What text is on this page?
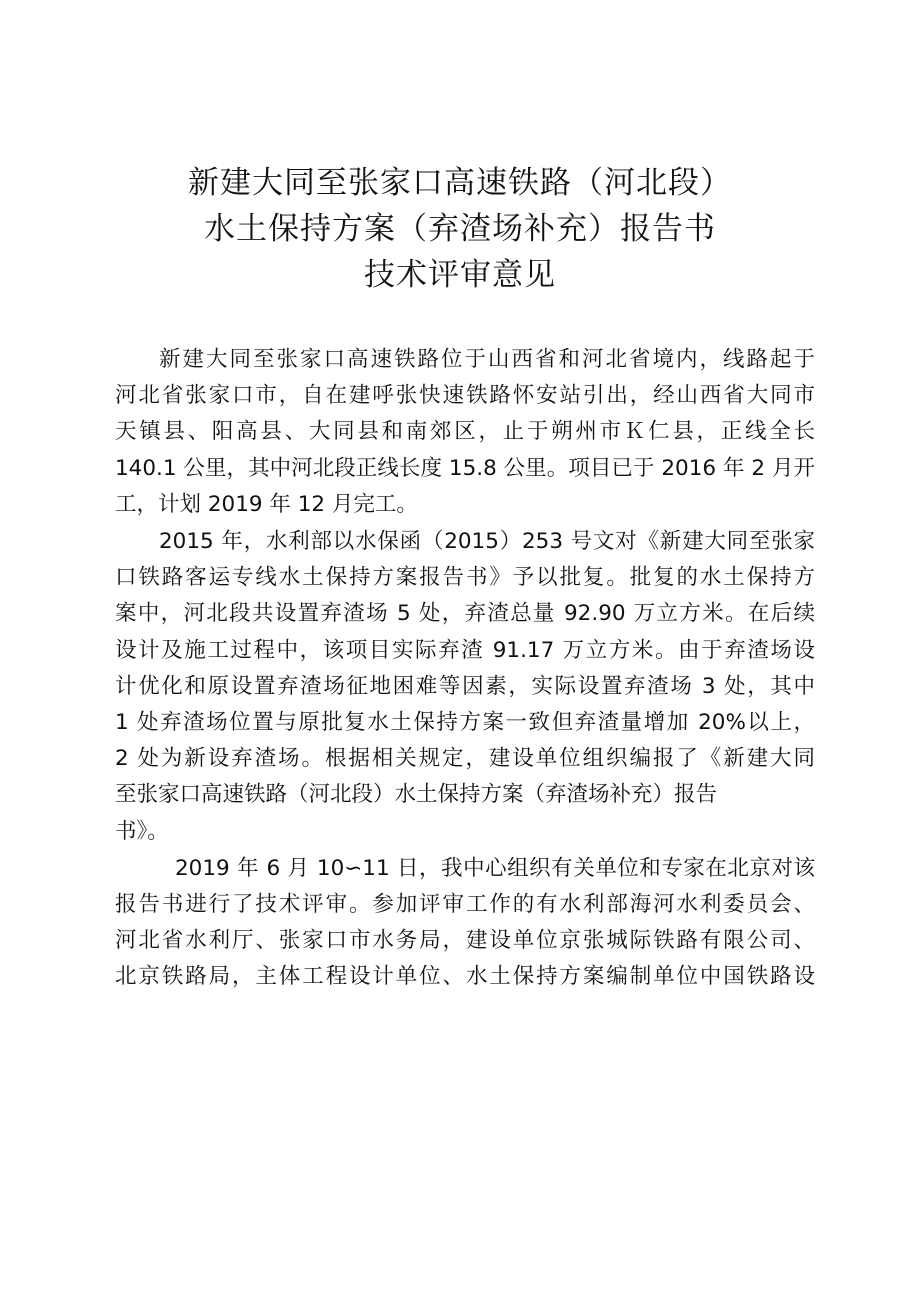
新建大同至张家口高速铁路（河北段）
水土保持方案（弃渣场补充）报告书
技术评审意见
新建大同至张家口高速铁路位于山西省和河北省境内，线路起于
河北省张家口市，自在建呼张快速铁路怀安站引出，经山西省大同市
天镇县、阳高县、大同县和南郊区，止于朔州市Ｋ仁县，正线全长
140.1 公里，其中河北段正线长度 15.8 公里。项目已于 2016 年 2 月开
工，计划 2019 年 12 月完工。
2015 年，水利部以水保函（2015）253 号文对《新建大同至张家
口铁路客运专线水土保持方案报告书》予以批复。批复的水土保持方
案中，河北段共设置弃渣场 5 处，弃渣总量 92.90 万立方米。在后续
设计及施工过程中，该项目实际弃渣 91.17 万立方米。由于弃渣场设
计优化和原设置弃渣场征地困难等因素，实际设置弃渣场 3 处，其中
1 处弃渣场位置与原批复水土保持方案一致但弃渣量增加 20%以上，
2 处为新设弃渣场。根据相关规定，建设单位组织编报了《新建大同
至张家口高速铁路（河北段）水土保持方案（弃渣场补充）报告
书》。
2019 年 6 月 10∽11 日，我中心组织有关单位和专家在北京对该
报告书进行了技术评审。参加评审工作的有水利部海河水利委员会、
河北省水利厅、张家口市水务局，建设单位京张城际铁路有限公司、
北京铁路局，主体工程设计单位、水土保持方案编制单位中国铁路设
